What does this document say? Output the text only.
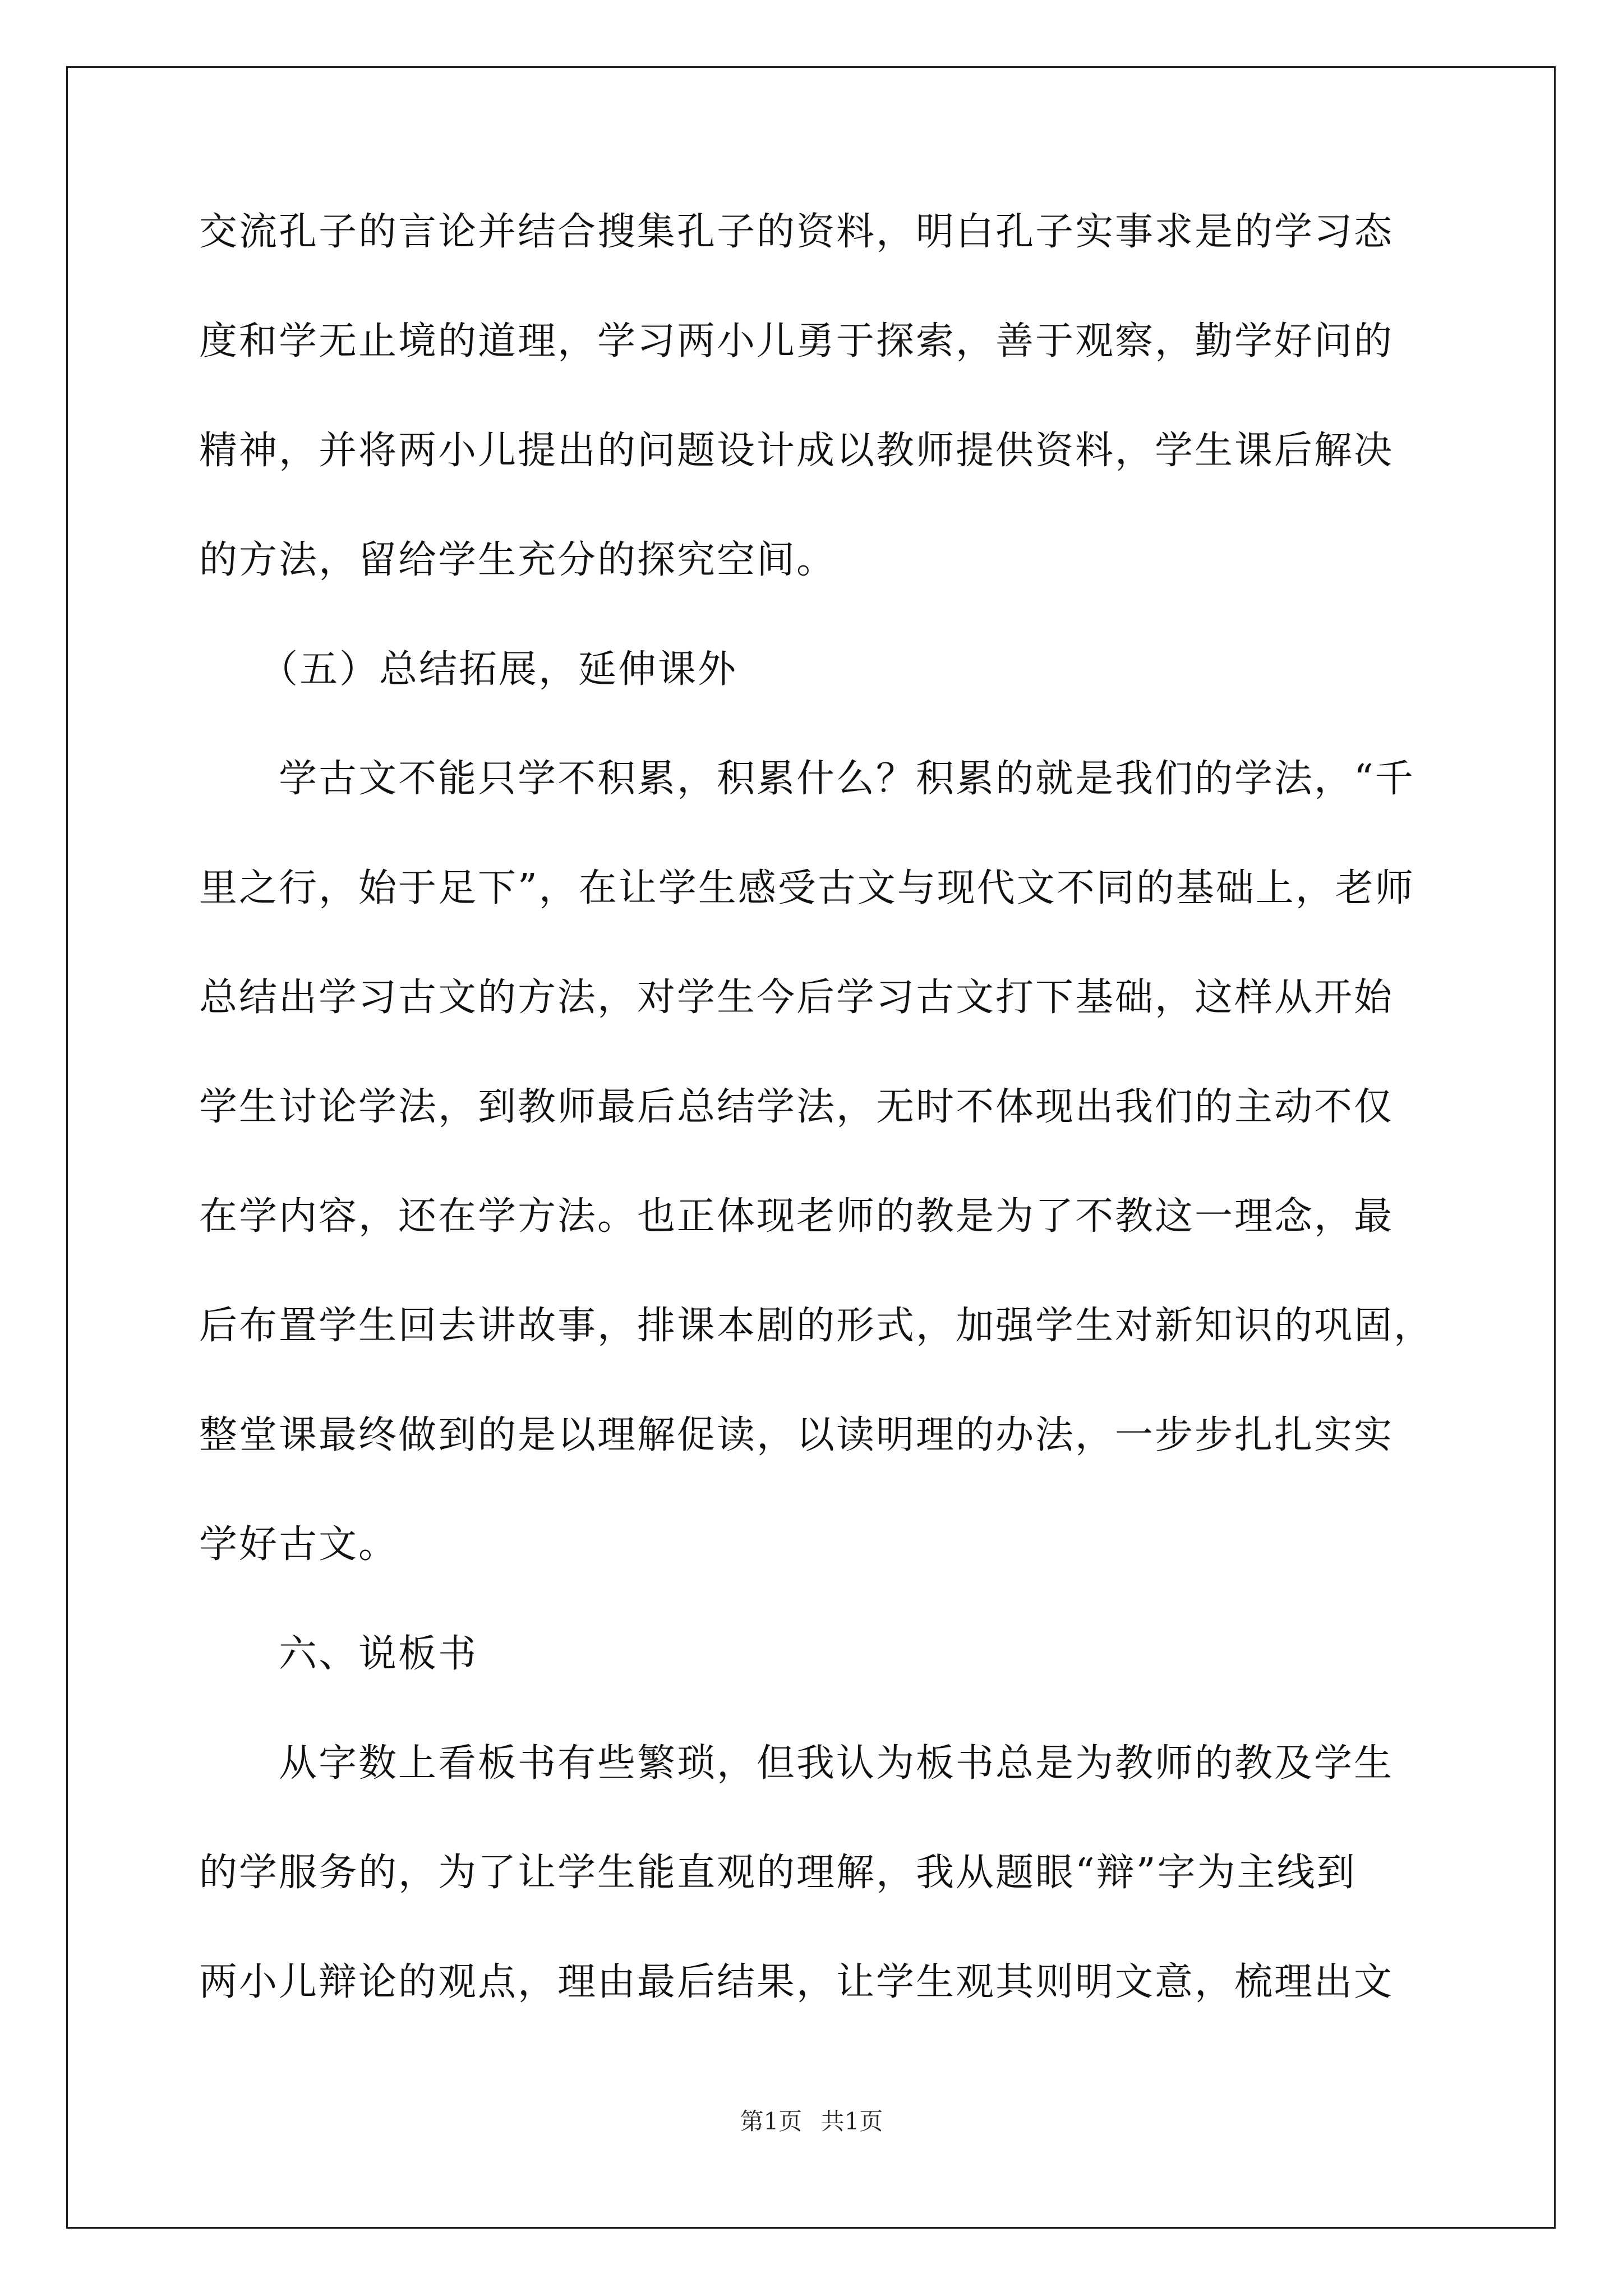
交流孔子的言论并结合搜集孔子的资料，明白孔子实事求是的学习态
度和学无止境的道理，学习两小儿勇于探索，善于观察，勤学好问的
精神，并将两小儿提出的问题设计成以教师提供资料，学生课后解决
的方法，留给学生充分的探究空间。
　　（五）总结拓展，延伸课外
　　学古文不能只学不积累，积累什么？积累的就是我们的学法，“千
里之行，始于足下”，在让学生感受古文与现代文不同的基础上，老师
总结出学习古文的方法，对学生今后学习古文打下基础，这样从开始
学生讨论学法，到教师最后总结学法，无时不体现出我们的主动不仅
在学内容，还在学方法。也正体现老师的教是为了不教这一理念，最
后布置学生回去讲故事，排课本剧的形式，加强学生对新知识的巩固，
整堂课最终做到的是以理解促读，以读明理的办法，一步步扎扎实实
学好古文。
　　六、说板书
　　从字数上看板书有些繁琐，但我认为板书总是为教师的教及学生
的学服务的，为了让学生能直观的理解，我从题眼“辩”字为主线到
两小儿辩论的观点，理由最后结果，让学生观其则明文意，梳理出文
第1页 共1页
